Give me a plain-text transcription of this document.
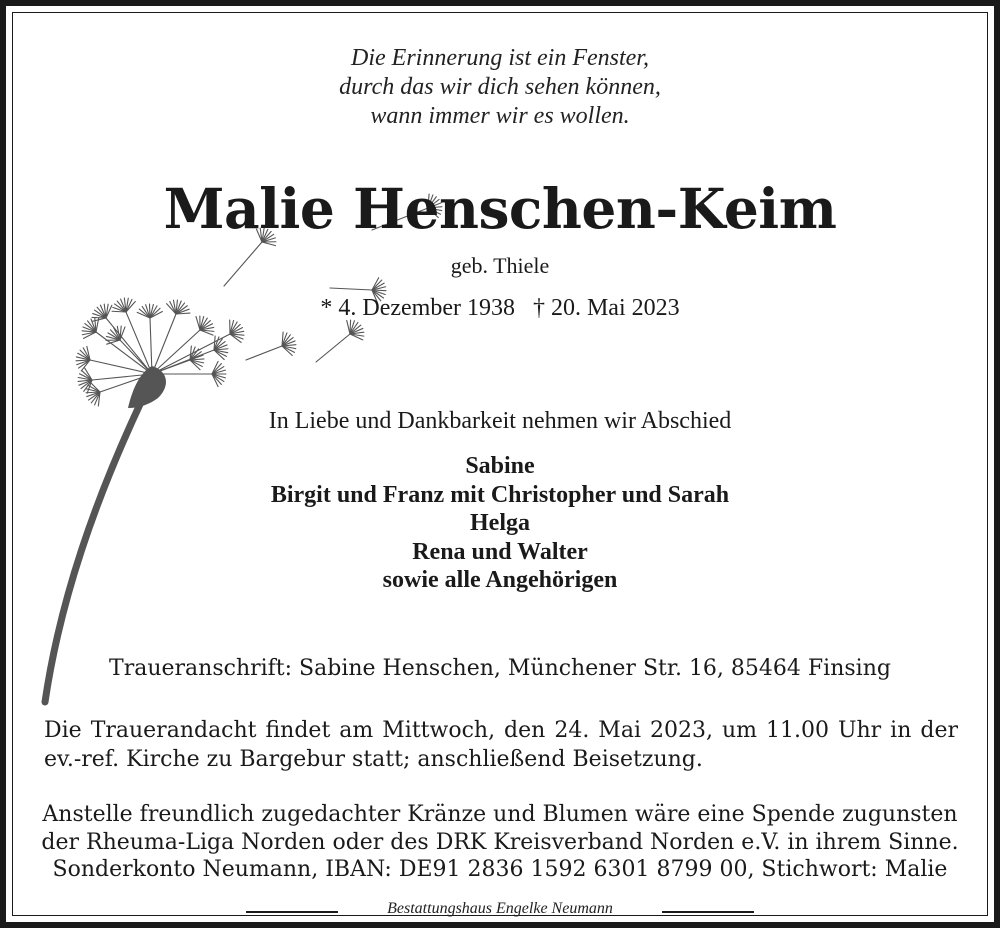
Die Erinnerung ist ein Fenster,
durch das wir dich sehen können,
wann immer wir es wollen.
Malie Henschen-Keim
geb. Thiele
* 4. Dezember 1938 † 20. Mai 2023
In Liebe und Dankbarkeit nehmen wir Abschied
Sabine
Birgit und Franz mit Christopher und Sarah
Helga
Rena und Walter
sowie alle Angehörigen
Traueranschrift: Sabine Henschen, Münchener Str. 16, 85464 Finsing
Die Trauerandacht findet am Mittwoch, den 24. Mai 2023, um 11.00 Uhr in der
ev.-ref. Kirche zu Bargebur statt; anschließend Beisetzung.
Anstelle freundlich zugedachter Kränze und Blumen wäre eine Spende zugunsten
der Rheuma-Liga Norden oder des DRK Kreisverband Norden e.V. in ihrem Sinne.
Sonderkonto Neumann, IBAN: DE91 2836 1592 6301 8799 00, Stichwort: Malie
Bestattungshaus Engelke Neumann
